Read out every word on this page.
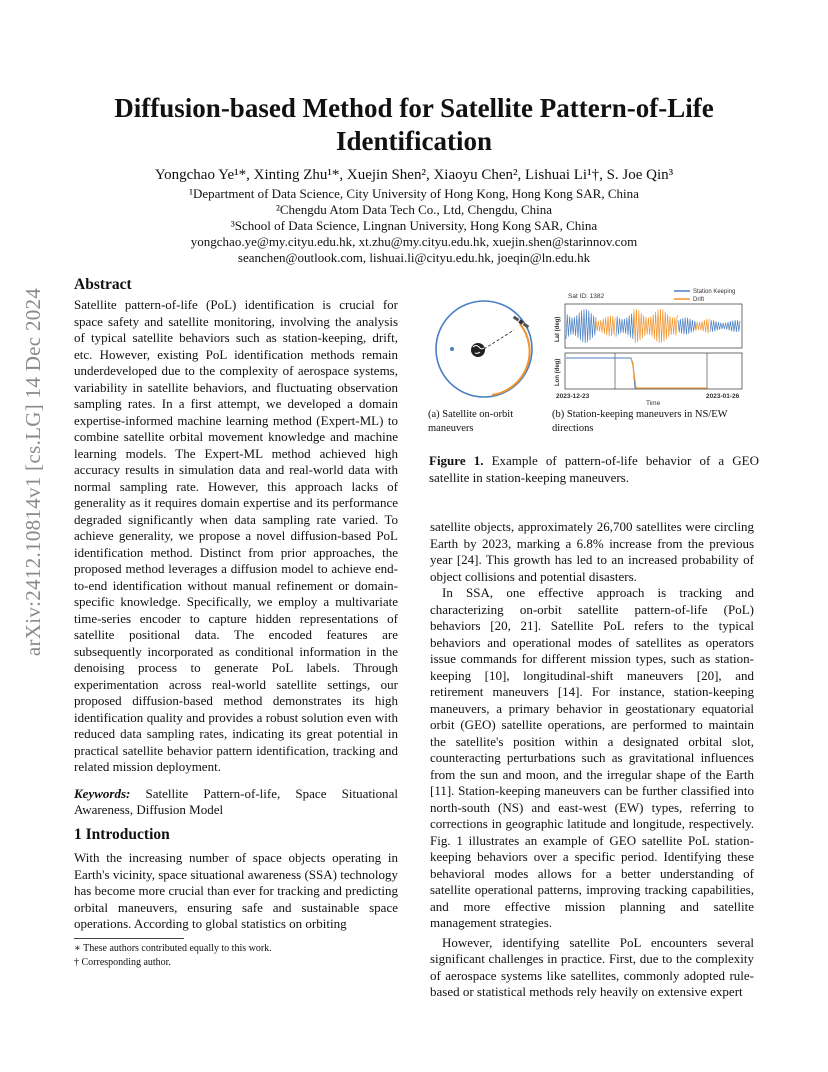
arXiv:2412.10814v1 [cs.LG] 14 Dec 2024
Diffusion-based Method for Satellite Pattern-of-Life Identification
Yongchao Ye¹*, Xinting Zhu¹*, Xuejin Shen², Xiaoyu Chen², Lishuai Li¹†, S. Joe Qin³
¹Department of Data Science, City University of Hong Kong, Hong Kong SAR, China
²Chengdu Atom Data Tech Co., Ltd, Chengdu, China
³School of Data Science, Lingnan University, Hong Kong SAR, China
yongchao.ye@my.cityu.edu.hk, xt.zhu@my.cityu.edu.hk, xuejin.shen@starinnov.com
seanchen@outlook.com, lishuai.li@cityu.edu.hk, joeqin@ln.edu.hk
Abstract

Satellite pattern-of-life (PoL) identification is crucial for space safety and satellite monitoring, involving the analysis of typical satellite behaviors such as station-keeping, drift, etc. However, existing PoL identification methods remain underdeveloped due to the complexity of aerospace systems, variability in satellite behaviors, and fluctuating observation sampling rates. In a first attempt, we developed a domain expertise-informed machine learning method (Expert-ML) to combine satellite orbital movement knowledge and machine learning models. The Expert-ML method achieved high accuracy results in simulation data and real-world data with normal sampling rate. However, this approach lacks of generality as it requires domain expertise and its performance degraded significantly when data sampling rate varied. To achieve generality, we propose a novel diffusion-based PoL identification method. Distinct from prior approaches, the proposed method leverages a diffusion model to achieve end-to-end identification without manual refinement or domain-specific knowledge. Specifically, we employ a multivariate time-series encoder to capture hidden representations of satellite positional data. The encoded features are subsequently incorporated as conditional information in the denoising process to generate PoL labels. Through experimentation across real-world satellite settings, our proposed diffusion-based method demonstrates its high identification quality and provides a robust solution even with reduced data sampling rates, indicating its great potential in practical satellite behavior pattern identification, tracking and related mission deployment.

Keywords: Satellite Pattern-of-life, Space Situational Awareness, Diffusion Model

1 Introduction

With the increasing number of space objects operating in Earth's vicinity, space situational awareness (SSA) technology has become more crucial than ever for tracking and predicting orbital maneuvers, ensuring safe and sustainable space operations. According to global statistics on orbiting

∗ These authors contributed equally to this work.
† Corresponding author.
Sat ID: 1382
Station Keeping
Drift
Lat (deg)
Lon (deg)
2023-12-23	2023-01-26
Time
(a) Satellite on-orbit maneuvers
(b) Station-keeping maneuvers in NS/EW directions
Figure 1. Example of pattern-of-life behavior of a GEO satellite in station-keeping maneuvers.

satellite objects, approximately 26,700 satellites were circling Earth by 2023, marking a 6.8% increase from the previous year [24]. This growth has led to an increased probability of object collisions and potential disasters.

In SSA, one effective approach is tracking and characterizing on-orbit satellite pattern-of-life (PoL) behaviors [20, 21]. Satellite PoL refers to the typical behaviors and operational modes of satellites as operators issue commands for different mission types, such as station-keeping [10], longitudinal-shift maneuvers [20], and retirement maneuvers [14]. For instance, station-keeping maneuvers, a primary behavior in geostationary equatorial orbit (GEO) satellite operations, are performed to maintain the satellite's position within a designated orbital slot, counteracting perturbations such as gravitational influences from the sun and moon, and the irregular shape of the Earth [11]. Station-keeping maneuvers can be further classified into north-south (NS) and east-west (EW) types, referring to corrections in geographic latitude and longitude, respectively. Fig. 1 illustrates an example of GEO satellite PoL station-keeping behaviors over a specific period. Identifying these behavioral modes allows for a better understanding of satellite operational patterns, improving tracking capabilities, and more effective mission planning and satellite management strategies.

However, identifying satellite PoL encounters several significant challenges in practice. First, due to the complexity of aerospace systems like satellites, commonly adopted rule-based or statistical methods rely heavily on extensive expert
